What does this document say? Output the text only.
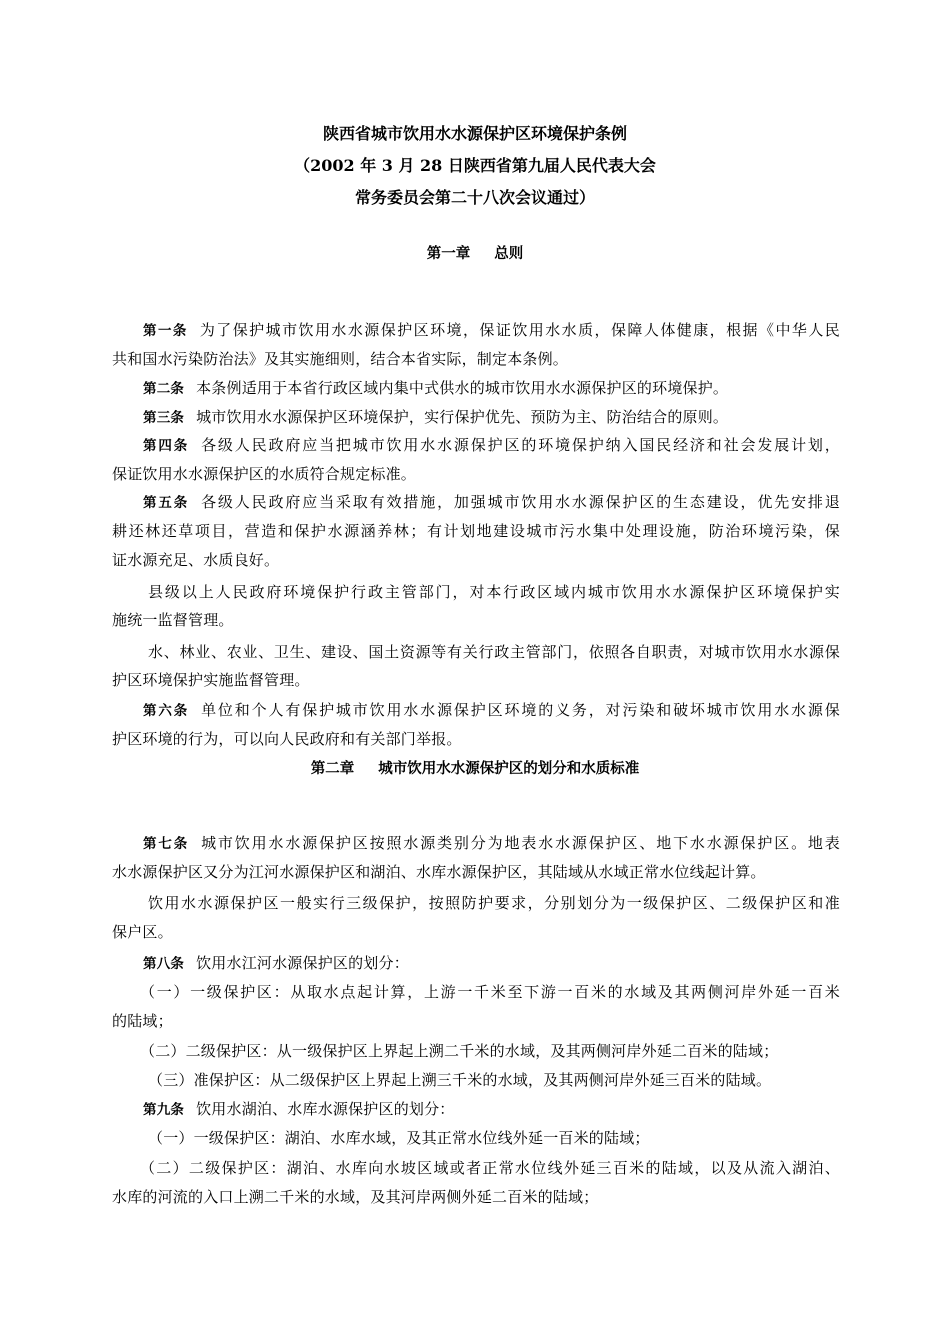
陕西省城市饮用水水源保护区环境保护条例
（2002 年 3 月 28 日陕西省第九届人民代表大会
常务委员会第二十八次会议通过）
第一章 总则
第一条 为了保护城市饮用水水源保护区环境，保证饮用水水质，保障人体健康，根据《中华人民
共和国水污染防治法》及其实施细则，结合本省实际，制定本条例。
第二条 本条例适用于本省行政区域内集中式供水的城市饮用水水源保护区的环境保护。
第三条 城市饮用水水源保护区环境保护，实行保护优先、预防为主、防治结合的原则。
第四条 各级人民政府应当把城市饮用水水源保护区的环境保护纳入国民经济和社会发展计划，
保证饮用水水源保护区的水质符合规定标准。
第五条 各级人民政府应当采取有效措施，加强城市饮用水水源保护区的生态建设，优先安排退
耕还林还草项目，营造和保护水源涵养林；有计划地建设城市污水集中处理设施，防治环境污染，保
证水源充足、水质良好。
县级以上人民政府环境保护行政主管部门，对本行政区域内城市饮用水水源保护区环境保护实
施统一监督管理。
水、林业、农业、卫生、建设、国土资源等有关行政主管部门，依照各自职责，对城市饮用水水源保
护区环境保护实施监督管理。
第六条 单位和个人有保护城市饮用水水源保护区环境的义务，对污染和破坏城市饮用水水源保
护区环境的行为，可以向人民政府和有关部门举报。
第二章 城市饮用水水源保护区的划分和水质标准
第七条 城市饮用水水源保护区按照水源类别分为地表水水源保护区、地下水水源保护区。地表
水水源保护区又分为江河水源保护区和湖泊、水库水源保护区，其陆域从水域正常水位线起计算。
饮用水水源保护区一般实行三级保护，按照防护要求，分别划分为一级保护区、二级保护区和准
保户区。
第八条 饮用水江河水源保护区的划分：
（一）一级保护区：从取水点起计算，上游一千米至下游一百米的水域及其两侧河岸外延一百米
的陆域；
（二）二级保护区：从一级保护区上界起上溯二千米的水域，及其两侧河岸外延二百米的陆域；
（三）准保护区：从二级保护区上界起上溯三千米的水域，及其两侧河岸外延三百米的陆域。
第九条 饮用水湖泊、水库水源保护区的划分：
（一）一级保护区：湖泊、水库水域，及其正常水位线外延一百米的陆域；
（二）二级保护区：湖泊、水库向水坡区域或者正常水位线外延三百米的陆域，以及从流入湖泊、
水库的河流的入口上溯二千米的水域，及其河岸两侧外延二百米的陆域；
